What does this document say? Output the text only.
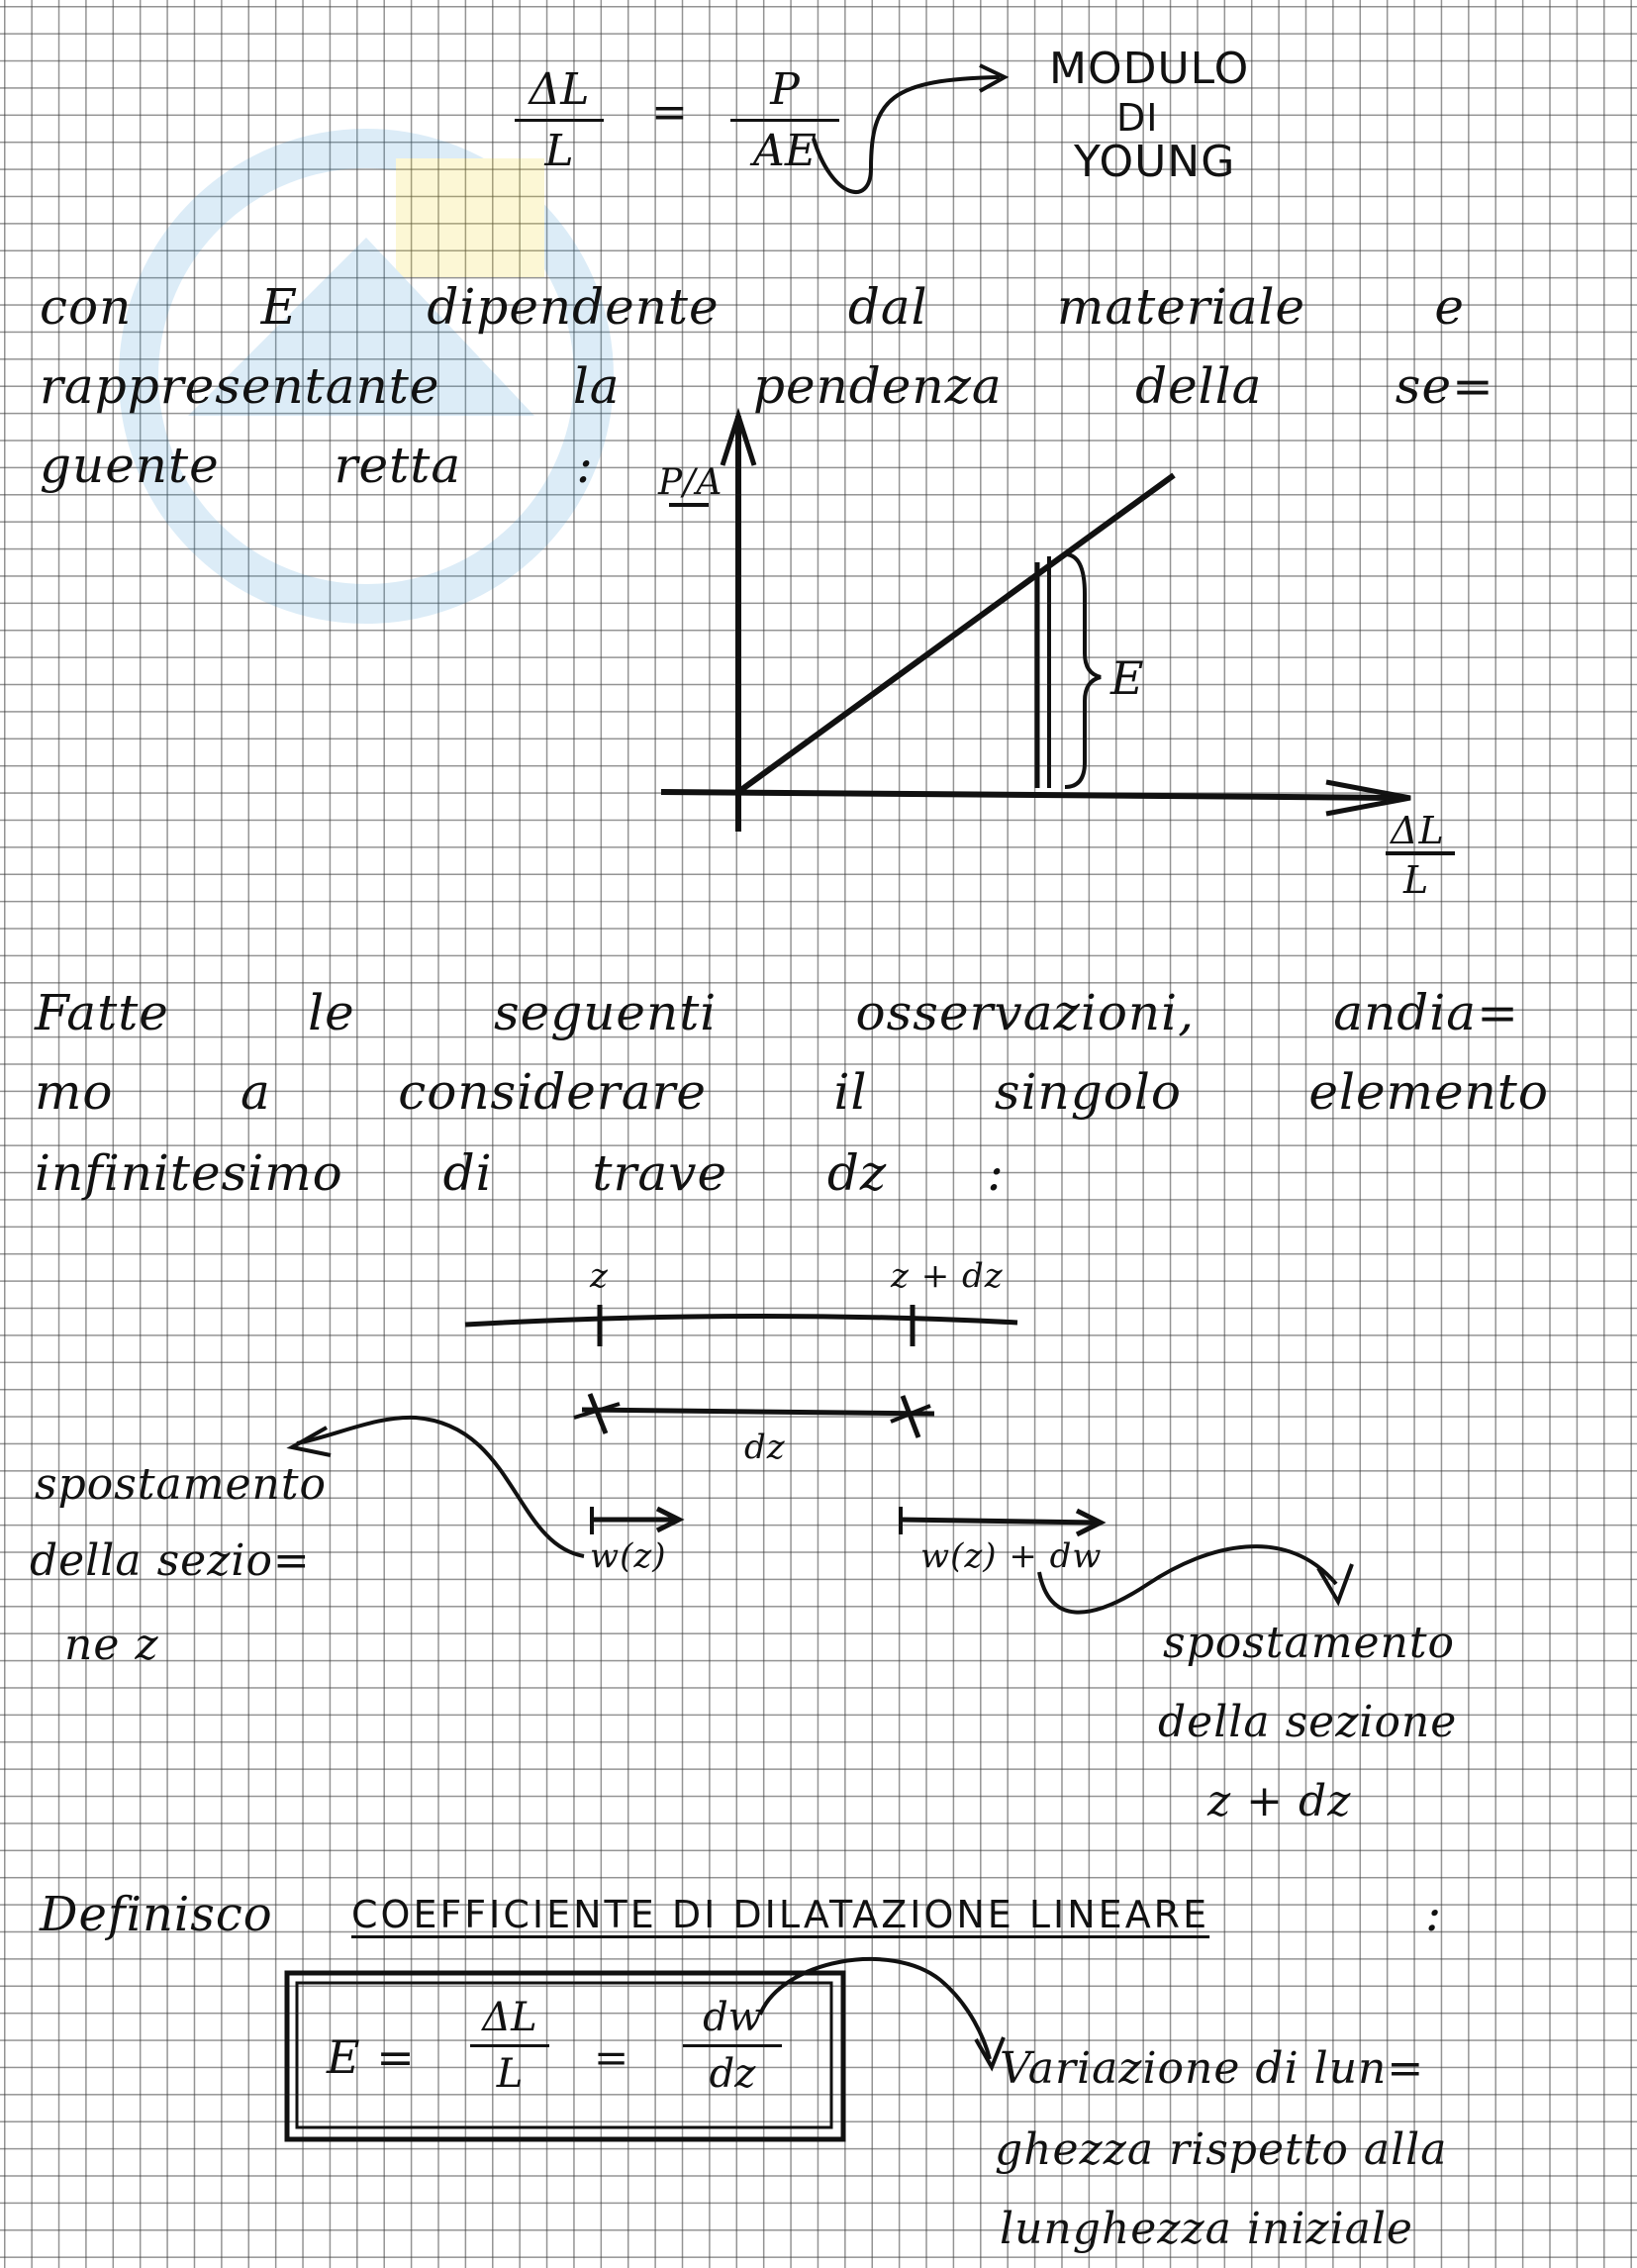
ΔL
L
=	P
AE
MODULO
DI
YOUNG
con	E	dipendente	dal	materiale	e
rappresentante	la	pendenza	della	se=
guente retta : P/A
E
ΔL
L
Fatte	le	seguenti	osservazioni,	andia=
mo	a	considerare	il	singolo	elemento
infinitesimo di trave dz :
z	z + dz
dz
w(z)	w(z) + dw
spostamento
della sezio=
ne z	spostamento
della sezione
z + dz
Definisco COEFFICIENTE DI DILATAZIONE LINEARE	:
E =
ΔL
L	=
dw
dz	Variazione di lun=
ghezza rispetto alla
lunghezza iniziale
